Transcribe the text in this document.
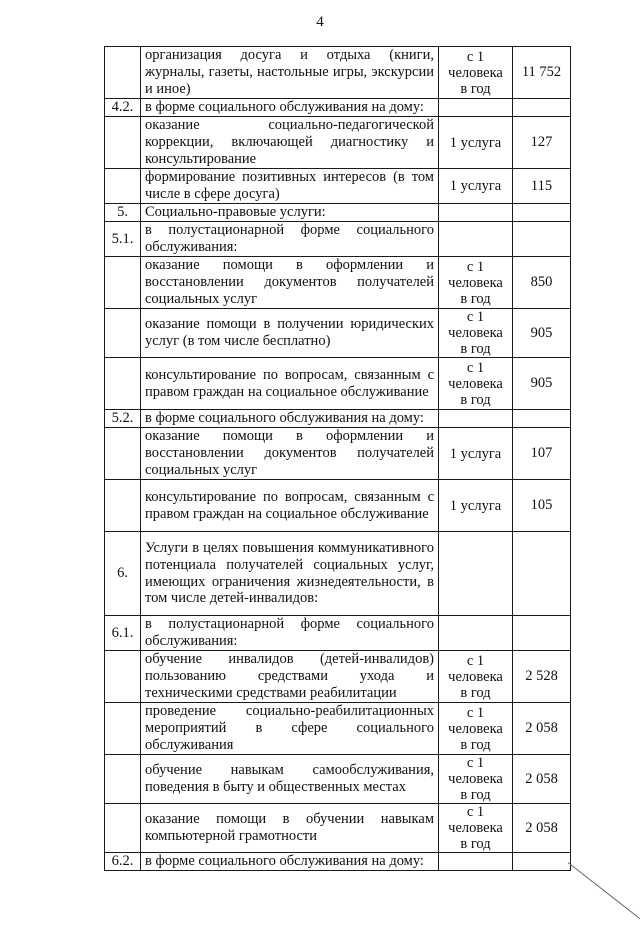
4
	организация досуга и отдыха (книги, журналы, газеты, настольные игры, экскурсии и иное)	с 1 человека в год	11 752
4.2.	в форме социального обслуживания на дому:		
	оказание социально-педагогической коррекции, включающей диагностику и консультирование	1 услуга	127
	формирование позитивных интересов (в том числе в сфере досуга)	1 услуга	115
5.	Социально-правовые услуги:		
5.1.	в полустационарной форме социального обслуживания:		
	оказание помощи в оформлении и восстановлении документов получателей социальных услуг	с 1 человека в год	850
	оказание помощи в получении юридических услуг (в том числе бесплатно)	с 1 человека в год	905
	консультирование по вопросам, связанным с правом граждан на социальное обслуживание	с 1 человека в год	905
5.2.	в форме социального обслуживания на дому:		
	оказание помощи в оформлении и восстановлении документов получателей социальных услуг	1 услуга	107
	консультирование по вопросам, связанным с правом граждан на социальное обслуживание	1 услуга	105
6.	Услуги в целях повышения коммуникативного потенциала получателей социальных услуг, имеющих ограничения жизнедеятельности, в том числе детей-инвалидов:		
6.1.	в полустационарной форме социального обслуживания:		
	обучение инвалидов (детей-инвалидов) пользованию средствами ухода и техническими средствами реабилитации	с 1 человека в год	2 528
	проведение социально-реабилитационных мероприятий в сфере социального обслуживания	с 1 человека в год	2 058
	обучение навыкам самообслуживания, поведения в быту и общественных местах	с 1 человека в год	2 058
	оказание помощи в обучении навыкам компьютерной грамотности	с 1 человека в год	2 058
6.2.	в форме социального обслуживания на дому:		
